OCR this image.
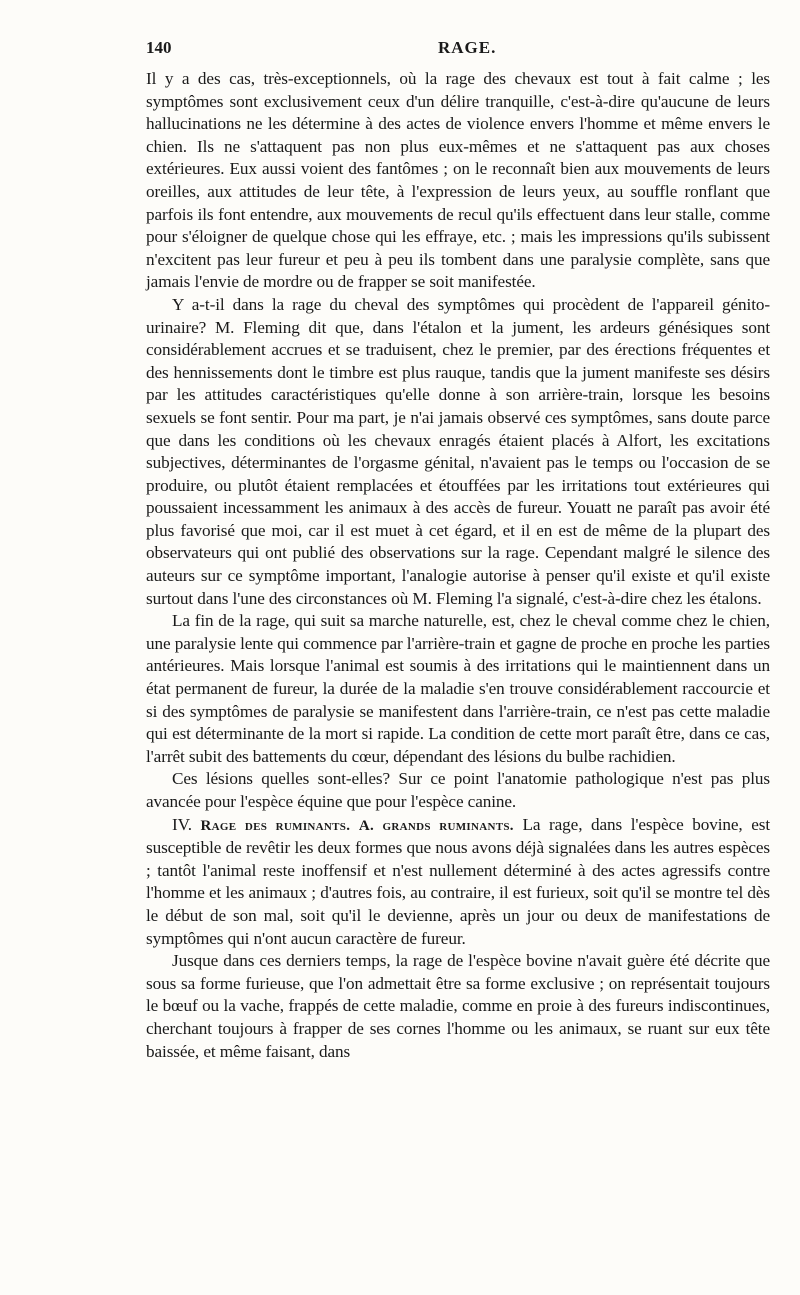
140	RAGE.

Il y a des cas, très-exceptionnels, où la rage des chevaux est tout à fait calme ; les symptômes sont exclusivement ceux d'un délire tranquille, c'est-à-dire qu'aucune de leurs hallucinations ne les détermine à des actes de violence envers l'homme et même envers le chien. Ils ne s'attaquent pas non plus eux-mêmes et ne s'attaquent pas aux choses extérieures. Eux aussi voient des fantômes ; on le reconnaît bien aux mouvements de leurs oreilles, aux attitudes de leur tête, à l'expression de leurs yeux, au souffle ronflant que parfois ils font entendre, aux mouvements de recul qu'ils effectuent dans leur stalle, comme pour s'éloigner de quelque chose qui les effraye, etc. ; mais les impressions qu'ils subissent n'excitent pas leur fureur et peu à peu ils tombent dans une paralysie complète, sans que jamais l'envie de mordre ou de frapper se soit manifestée.

Y a-t-il dans la rage du cheval des symptômes qui procèdent de l'appareil génito-urinaire? M. Fleming dit que, dans l'étalon et la jument, les ardeurs génésiques sont considérablement accrues et se traduisent, chez le premier, par des érections fréquentes et des hennissements dont le timbre est plus rauque, tandis que la jument manifeste ses désirs par les attitudes caractéristiques qu'elle donne à son arrière-train, lorsque les besoins sexuels se font sentir. Pour ma part, je n'ai jamais observé ces symptômes, sans doute parce que dans les conditions où les chevaux enragés étaient placés à Alfort, les excitations subjectives, déterminantes de l'orgasme génital, n'avaient pas le temps ou l'occasion de se produire, ou plutôt étaient remplacées et étouffées par les irritations tout extérieures qui poussaient incessamment les animaux à des accès de fureur. Youatt ne paraît pas avoir été plus favorisé que moi, car il est muet à cet égard, et il en est de même de la plupart des observateurs qui ont publié des observations sur la rage. Cependant malgré le silence des auteurs sur ce symptôme important, l'analogie autorise à penser qu'il existe et qu'il existe surtout dans l'une des circonstances où M. Fleming l'a signalé, c'est-à-dire chez les étalons.

La fin de la rage, qui suit sa marche naturelle, est, chez le cheval comme chez le chien, une paralysie lente qui commence par l'arrière-train et gagne de proche en proche les parties antérieures. Mais lorsque l'animal est soumis à des irritations qui le maintiennent dans un état permanent de fureur, la durée de la maladie s'en trouve considérablement raccourcie et si des symptômes de paralysie se manifestent dans l'arrière-train, ce n'est pas cette maladie qui est déterminante de la mort si rapide. La condition de cette mort paraît être, dans ce cas, l'arrêt subit des battements du cœur, dépendant des lésions du bulbe rachidien.

Ces lésions quelles sont-elles? Sur ce point l'anatomie pathologique n'est pas plus avancée pour l'espèce équine que pour l'espèce canine.

IV. Rage des ruminants. A. grands ruminants. La rage, dans l'espèce bovine, est susceptible de revêtir les deux formes que nous avons déjà signalées dans les autres espèces ; tantôt l'animal reste inoffensif et n'est nullement déterminé à des actes agressifs contre l'homme et les animaux ; d'autres fois, au contraire, il est furieux, soit qu'il se montre tel dès le début de son mal, soit qu'il le devienne, après un jour ou deux de manifestations de symptômes qui n'ont aucun caractère de fureur.

Jusque dans ces derniers temps, la rage de l'espèce bovine n'avait guère été décrite que sous sa forme furieuse, que l'on admettait être sa forme exclusive ; on représentait toujours le bœuf ou la vache, frappés de cette maladie, comme en proie à des fureurs indiscontinues, cherchant toujours à frapper de ses cornes l'homme ou les animaux, se ruant sur eux tête baissée, et même faisant, dans
